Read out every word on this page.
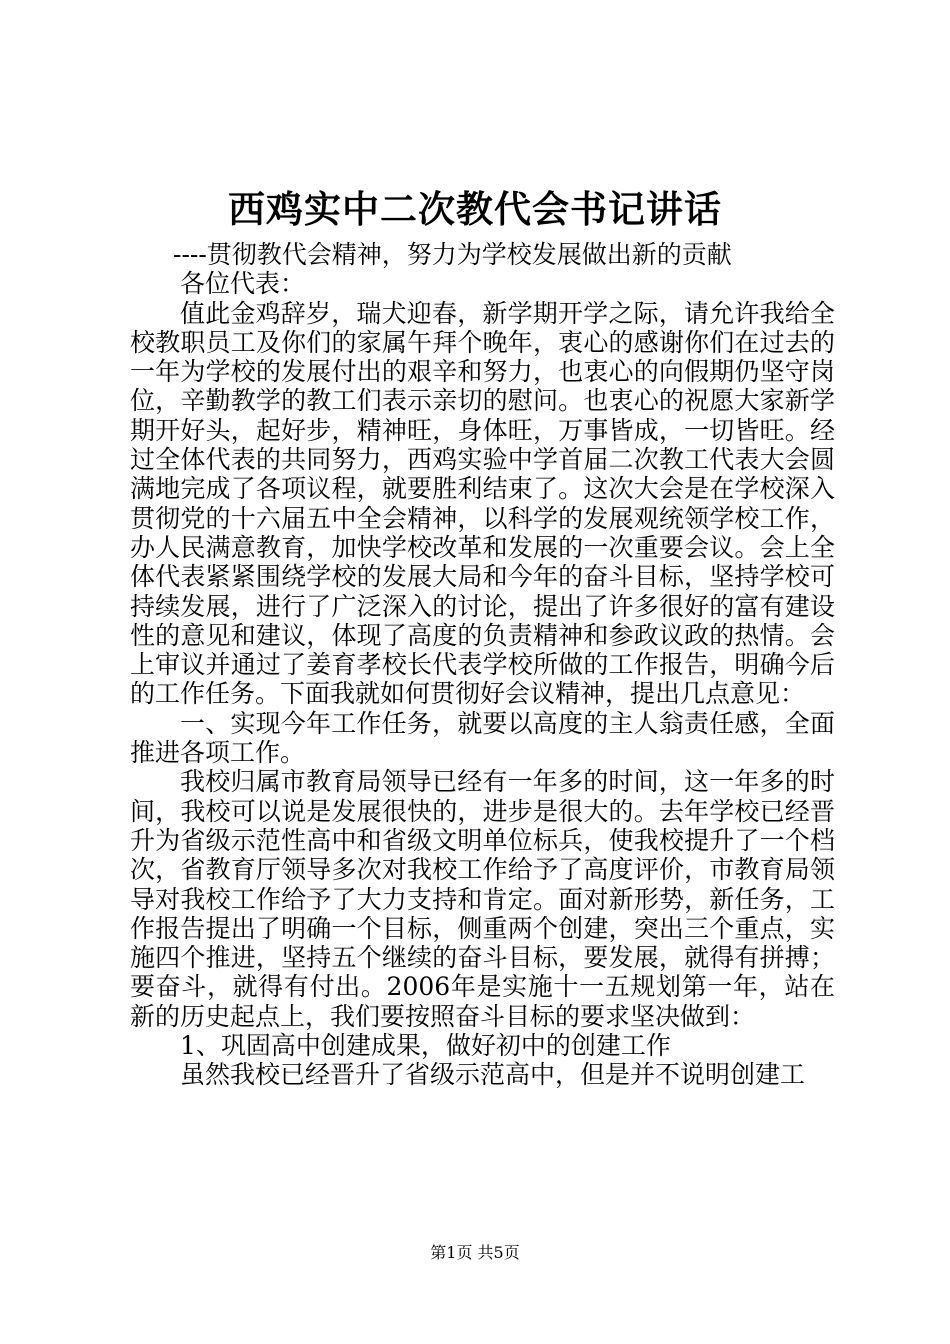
西鸡实中二次教代会书记讲话

----贯彻教代会精神，努力为学校发展做出新的贡献

各位代表：

值此金鸡辞岁，瑞犬迎春，新学期开学之际，请允许我给全校教职员工及你们的家属午拜个晚年，衷心的感谢你们在过去的一年为学校的发展付出的艰辛和努力，也衷心的向假期仍坚守岗位，辛勤教学的教工们表示亲切的慰问。也衷心的祝愿大家新学期开好头，起好步，精神旺，身体旺，万事皆成，一切皆旺。经过全体代表的共同努力，西鸡实验中学首届二次教工代表大会圆满地完成了各项议程，就要胜利结束了。这次大会是在学校深入贯彻党的十六届五中全会精神，以科学的发展观统领学校工作，办人民满意教育，加快学校改革和发展的一次重要会议。会上全体代表紧紧围绕学校的发展大局和今年的奋斗目标，坚持学校可持续发展，进行了广泛深入的讨论，提出了许多很好的富有建设性的意见和建议，体现了高度的负责精神和参政议政的热情。会上审议并通过了姜育孝校长代表学校所做的工作报告，明确今后的工作任务。下面我就如何贯彻好会议精神，提出几点意见：

一、实现今年工作任务，就要以高度的主人翁责任感，全面推进各项工作。

我校归属市教育局领导已经有一年多的时间，这一年多的时间，我校可以说是发展很快的，进步是很大的。去年学校已经晋升为省级示范性高中和省级文明单位标兵，使我校提升了一个档次，省教育厅领导多次对我校工作给予了高度评价，市教育局领导对我校工作给予了大力支持和肯定。面对新形势，新任务，工作报告提出了明确一个目标，侧重两个创建，突出三个重点，实施四个推进，坚持五个继续的奋斗目标，要发展，就得有拼搏；要奋斗，就得有付出。2006年是实施十一五规划第一年，站在新的历史起点上，我们要按照奋斗目标的要求坚决做到：

1、巩固高中创建成果，做好初中的创建工作

虽然我校已经晋升了省级示范高中，但是并不说明创建工

第1页 共5页
